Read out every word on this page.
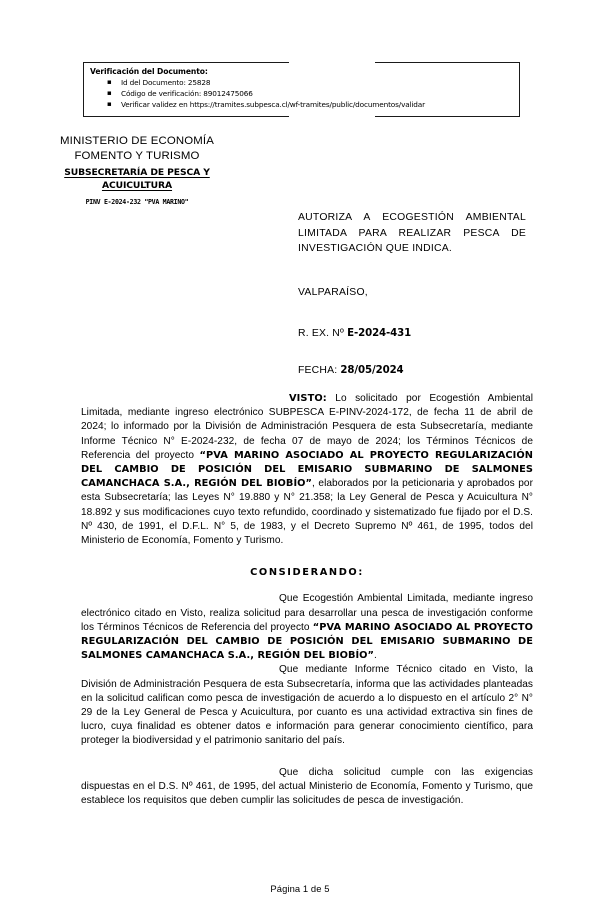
Verificación del Documento:
▪ Id del Documento: 25828
▪ Código de verificación: 89012475066
▪ Verificar validez en https://tramites.subpesca.cl/wf-tramites/public/documentos/validar
MINISTERIO DE ECONOMÍA
FOMENTO Y TURISMO
SUBSECRETARÍA DE PESCA Y
ACUICULTURA
PINV E-2024-232 "PVA MARINO"
AUTORIZA A ECOGESTIÓN AMBIENTAL LIMITADA PARA REALIZAR PESCA DE INVESTIGACIÓN QUE INDICA.
VALPARAÍSO,
R. EX. Nº E-2024-431
FECHA: 28/05/2024

VISTO: Lo solicitado por Ecogestión Ambiental Limitada, mediante ingreso electrónico SUBPESCA E-PINV-2024-172, de fecha 11 de abril de 2024; lo informado por la División de Administración Pesquera de esta Subsecretaría, mediante Informe Técnico N° E-2024-232, de fecha 07 de mayo de 2024; los Términos Técnicos de Referencia del proyecto “PVA MARINO ASOCIADO AL PROYECTO REGULARIZACIÓN DEL CAMBIO DE POSICIÓN DEL EMISARIO SUBMARINO DE SALMONES CAMANCHACA S.A., REGIÓN DEL BIOBÍO”, elaborados por la peticionaria y aprobados por esta Subsecretaría; las Leyes N° 19.880 y N° 21.358; la Ley General de Pesca y Acuicultura N° 18.892 y sus modificaciones cuyo texto refundido, coordinado y sistematizado fue fijado por el D.S. Nº 430, de 1991, el D.F.L. N° 5, de 1983, y el Decreto Supremo Nº 461, de 1995, todos del Ministerio de Economía, Fomento y Turismo.

CONSIDERANDO:

Que Ecogestión Ambiental Limitada, mediante ingreso electrónico citado en Visto, realiza solicitud para desarrollar una pesca de investigación conforme los Términos Técnicos de Referencia del proyecto “PVA MARINO ASOCIADO AL PROYECTO REGULARIZACIÓN DEL CAMBIO DE POSICIÓN DEL EMISARIO SUBMARINO DE SALMONES CAMANCHACA S.A., REGIÓN DEL BIOBÍO”.

Que mediante Informe Técnico citado en Visto, la División de Administración Pesquera de esta Subsecretaría, informa que las actividades planteadas en la solicitud califican como pesca de investigación de acuerdo a lo dispuesto en el artículo 2° N° 29 de la Ley General de Pesca y Acuicultura, por cuanto es una actividad extractiva sin fines de lucro, cuya finalidad es obtener datos e información para generar conocimiento científico, para proteger la biodiversidad y el patrimonio sanitario del país.

Que dicha solicitud cumple con las exigencias dispuestas en el D.S. Nº 461, de 1995, del actual Ministerio de Economía, Fomento y Turismo, que establece los requisitos que deben cumplir las solicitudes de pesca de investigación.

Página 1 de 5
